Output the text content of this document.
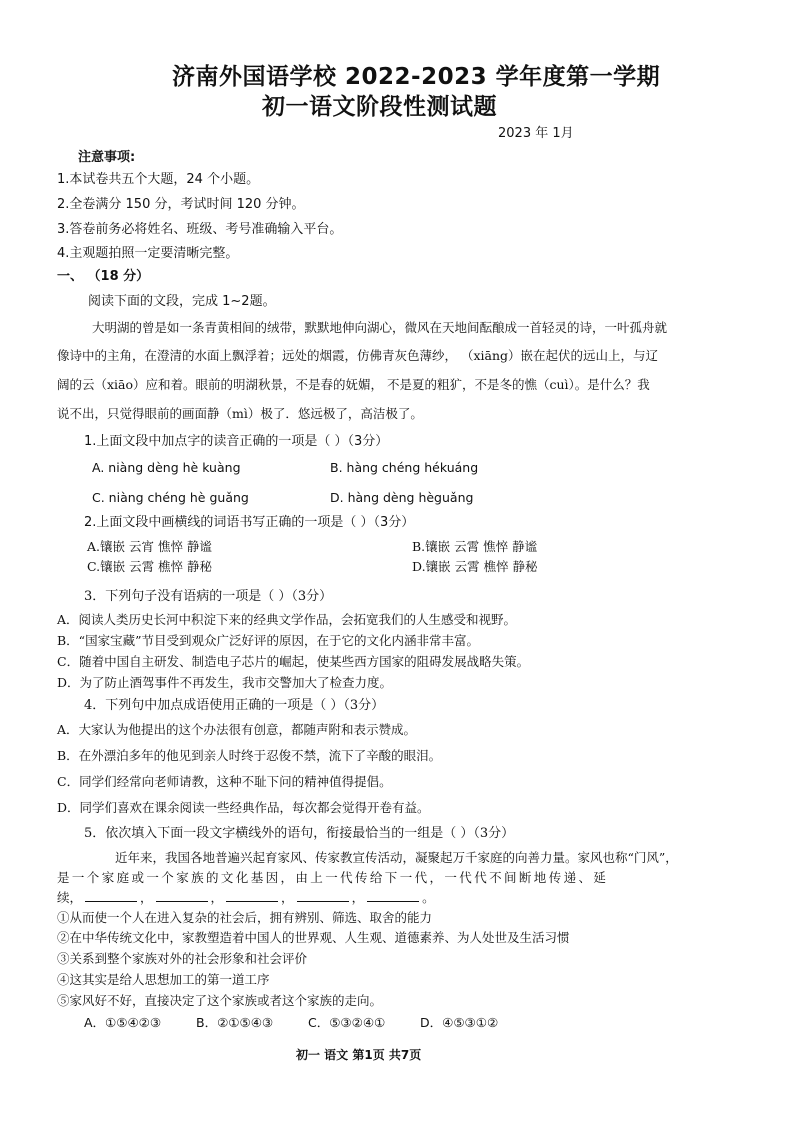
济南外国语学校 2022-2023 学年度第一学期
初一语文阶段性测试题
2023 年 1月
注意事项:
1.本试卷共五个大题，24 个小题。
2.全卷满分 150 分，考试时间 120 分钟。
3.答卷前务必将姓名、班级、考号准确输入平台。
4.主观题拍照一定要清晰完整。
一、 （18 分）
阅读下面的文段，完成 1~2题。
大明湖的曾是如一条青黄相间的绒带，默默地伸向湖心，微风在天地间酝酿成一首轻灵的诗，一叶孤舟就
像诗中的主角，在澄清的水面上飘浮着；远处的烟霞，仿佛青灰色薄纱， （xiāng）嵌在起伏的远山上，与辽
阔的云（xiāo）应和着。眼前的明湖秋景，不是春的妩媚， 不是夏的粗犷，不是冬的憔（cuì）。是什么？我
说不出，只觉得眼前的画面静（mì）极了．悠远极了，高洁极了。
1.上面文段中加点字的读音正确的一项是（ ）（3分）
A. niàng dèng hè kuàng	B. hàng chéng hékuáng
C. niàng chéng hè guǎng	D. hàng dèng hèguǎng
2.上面文段中画横线的词语书写正确的一项是（ ）（3分）
A.镶嵌 云宵 憔悴 静谧	B.镶嵌 云霄 憔悴 静谧
C.镶嵌 云霄 樵悴 静秘	D.镶嵌 云霄 樵悴 静秘
3．下列句子没有语病的一项是（ ）（3分）
A．阅读人类历史长河中积淀下来的经典文学作品，会拓宽我们的人生感受和视野。
B．“国家宝藏”节目受到观众广泛好评的原因，在于它的文化内涵非常丰富。
C．随着中国自主研发、制造电子芯片的崛起，使某些西方国家的阻碍发展战略失策。
D．为了防止酒驾事件不再发生，我市交警加大了检查力度。
4．下列句中加点成语使用正确的一项是（ ）（3分）
A．大家认为他提出的这个办法很有创意，都随声附和表示赞成。
B．在外漂泊多年的他见到亲人时终于忍俊不禁，流下了辛酸的眼泪。
C．同学们经常向老师请教，这种不耻下问的精神值得提倡。
D．同学们喜欢在课余阅读一些经典作品，每次都会觉得开卷有益。
5．依次填入下面一段文字横线外的语句，衔接最恰当的一组是（ ）（3分）
近年来，我国各地普遍兴起育家风、传家教宣传活动，凝聚起万千家庭的向善力量。家风也称“门风”，
是一个家庭或一个家族的文化基因，由上一代传给下一代，一代代不间断地传递、延
续，	，	，	，	，	。
①从而使一个人在进入复杂的社会后，拥有辨别、筛选、取舍的能力
②在中华传统文化中，家教塑造着中国人的世界观、人生观、道德素养、为人处世及生活习惯
③关系到整个家族对外的社会形象和社会评价
④这其实是给人思想加工的第一道工序
⑤家风好不好，直接决定了这个家族或者这个家族的走向。
A．①⑤④②③	B．②①⑤④③	C．⑤③②④①	D．④⑤③①②
初一 语文 第1页 共7页
